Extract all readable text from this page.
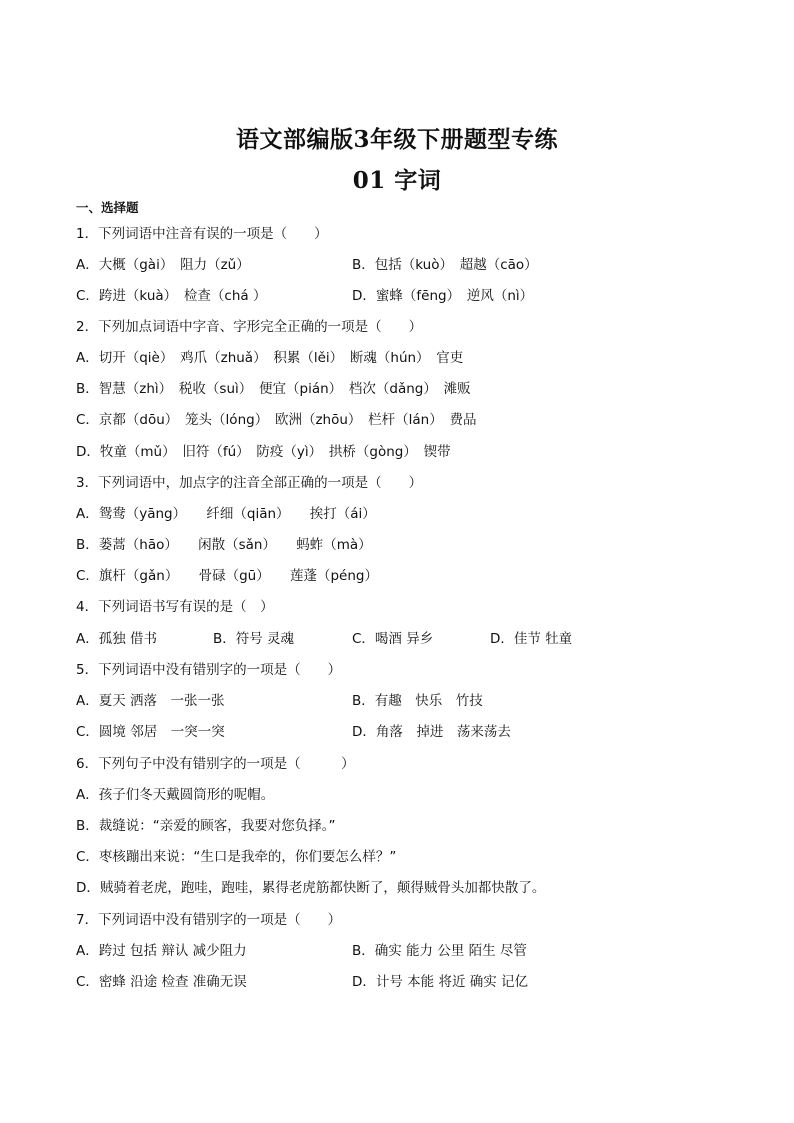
语文部编版3年级下册题型专练
01 字词
一、选择题
1．下列词语中注音有误的一项是（　　）
A．大概（gài）　阻力（zǔ）	B．包括（kuò）　超越（cāo）
C．跨进（kuà）　检查（chá ）	D．蜜蜂（fēng）　逆风（nì）
2．下列加点词语中字音、字形完全正确的一项是（　　）
A．切开（qiè）　鸡爪（zhuǎ）　积累（lěi）　断魂（hún）　官吏
B．智慧（zhì）　税收（suì）　便宜（pián）　档次（dǎng）　滩贩
C．京都（dōu）　笼头（lóng）　欧洲（zhōu）　栏杆（lán）　费品
D．牧童（mǔ）　旧符（fú）　防疫（yì）　拱桥（gòng）　锲带
3．下列词语中，加点字的注音全部正确的一项是（　　）
A．鸳鸯（yāng）　　纤细（qiān）　　挨打（ái）
B．蒌蒿（hāo）　　闲散（sǎn）　　蚂蚱（mà）
C．旗杆（gǎn）　　骨碌（gū）　　莲蓬（péng）
4．下列词语书写有误的是（　）
A．孤独 借书	B．符号 灵魂	C．喝酒 异乡	D．佳节 牡童
5．下列词语中没有错别字的一项是（　　）
A．夏天 洒落　一张一张	B．有趣　快乐　竹技
C．圆境 邻居　一突一突	D．角落　掉进　荡来荡去
6．下列句子中没有错别字的一项是（　　　）
A．孩子们冬天戴圆筒形的呢帽。
B．裁缝说：“亲爱的顾客，我要对您负择。”
C．枣核蹦出来说：“生口是我牵的，你们要怎么样？”
D．贼骑着老虎，跑哇，跑哇，累得老虎筋都快断了，颠得贼骨头加都快散了。
7．下列词语中没有错别字的一项是（　　）
A．跨过 包括 辩认 减少阻力	B．确实 能力 公里 陌生 尽管
C．密蜂 沿途 检查 准确无误	D．计号 本能 将近 确实 记亿
